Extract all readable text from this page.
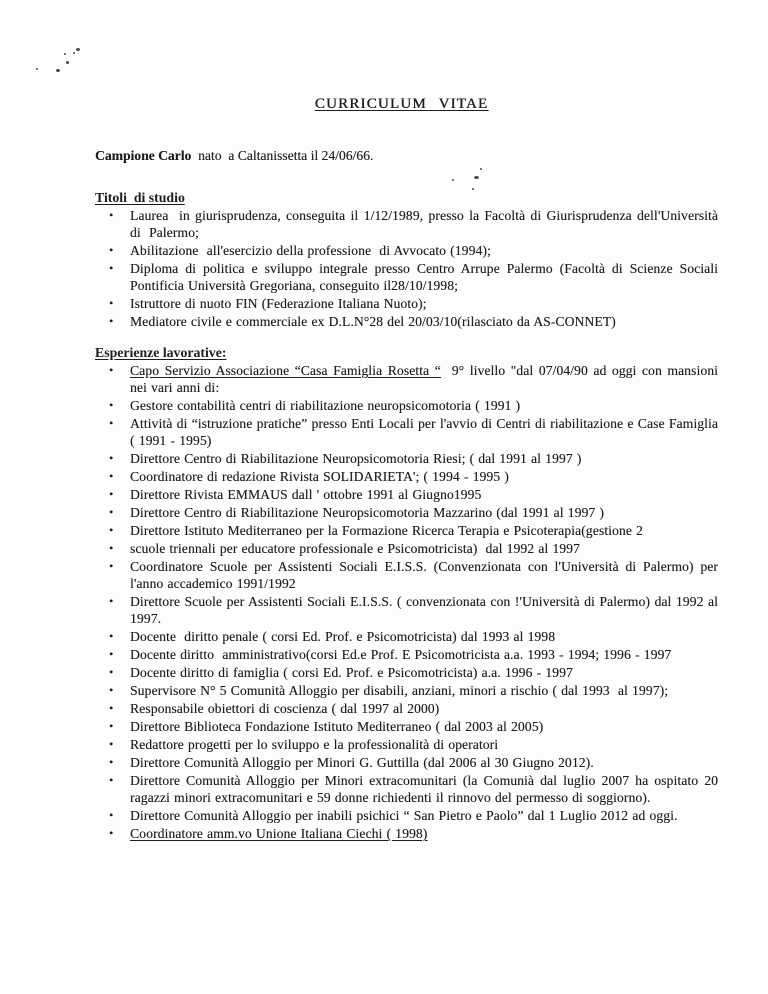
CURRICULUM VITAE
Campione Carlo  nato  a Caltanissetta il 24/06/66.
Titoli  di studio
• Laurea  in giurisprudenza, conseguita il 1/12/1989, presso la Facoltà di Giurisprudenza dell'Università di  Palermo;
• Abilitazione  all'esercizio della professione  di Avvocato (1994);
• Diploma di politica e sviluppo integrale presso Centro Arrupe Palermo (Facoltà di Scienze Sociali Pontificia Università Gregoriana, conseguito il28/10/1998;
• Istruttore di nuoto FIN (Federazione Italiana Nuoto);
• Mediatore civile e commerciale ex D.L.N°28 del 20/03/10(rilasciato da AS-CONNET)
Esperienze lavorative:
• Capo Servizio Associazione “Casa Famiglia Rosetta “  9° livello "dal 07/04/90 ad oggi con mansioni nei vari anni di:
• Gestore contabilità centri di riabilitazione neuropsicomotoria ( 1991 )
• Attività di “istruzione pratiche” presso Enti Locali per l'avvio di Centri di riabilitazione e Case Famiglia ( 1991 - 1995)
• Direttore Centro di Riabilitazione Neuropsicomotoria Riesi; ( dal 1991 al 1997 )
• Coordinatore di redazione Rivista SOLIDARIETA'; ( 1994 - 1995 )
• Direttore Rivista EMMAUS dall ' ottobre 1991 al Giugno1995
• Direttore Centro di Riabilitazione Neuropsicomotoria Mazzarino (dal 1991 al 1997 )
• Direttore Istituto Mediterraneo per la Formazione Ricerca Terapia e Psicoterapia(gestione 2
• scuole triennali per educatore professionale e Psicomotricista)  dal 1992 al 1997
• Coordinatore Scuole per Assistenti Sociali E.I.S.S. (Convenzionata con l'Università di Palermo) per l'anno accademico 1991/1992
• Direttore Scuole per Assistenti Sociali E.I.S.S. ( convenzionata con !'Università di Palermo) dal 1992 al 1997.
• Docente  diritto penale ( corsi Ed. Prof. e Psicomotricista) dal 1993 al 1998
• Docente diritto  amministrativo(corsi Ed.e Prof. E Psicomotricista a.a. 1993 - 1994; 1996 - 1997
• Docente diritto di famiglia ( corsi Ed. Prof. e Psicomotricista) a.a. 1996 - 1997
• Supervisore N° 5 Comunità Alloggio per disabili, anziani, minori a rischio ( dal 1993  al 1997);
• Responsabile obiettori di coscienza ( dal 1997 al 2000)
• Direttore Biblioteca Fondazione Istituto Mediterraneo ( dal 2003 al 2005)
• Redattore progetti per lo sviluppo e la professionalità di operatori
• Direttore Comunità Alloggio per Minori G. Guttilla (dal 2006 al 30 Giugno 2012).
• Direttore Comunità Alloggio per Minori extracomunitari (la Comunià dal luglio 2007 ha ospitato 20 ragazzi minori extracomunitari e 59 donne richiedenti il rinnovo del permesso di soggiorno).
• Direttore Comunità Alloggio per inabili psichici “ San Pietro e Paolo” dal 1 Luglio 2012 ad oggi.
• Coordinatore amm.vo Unione Italiana Ciechi ( 1998)
